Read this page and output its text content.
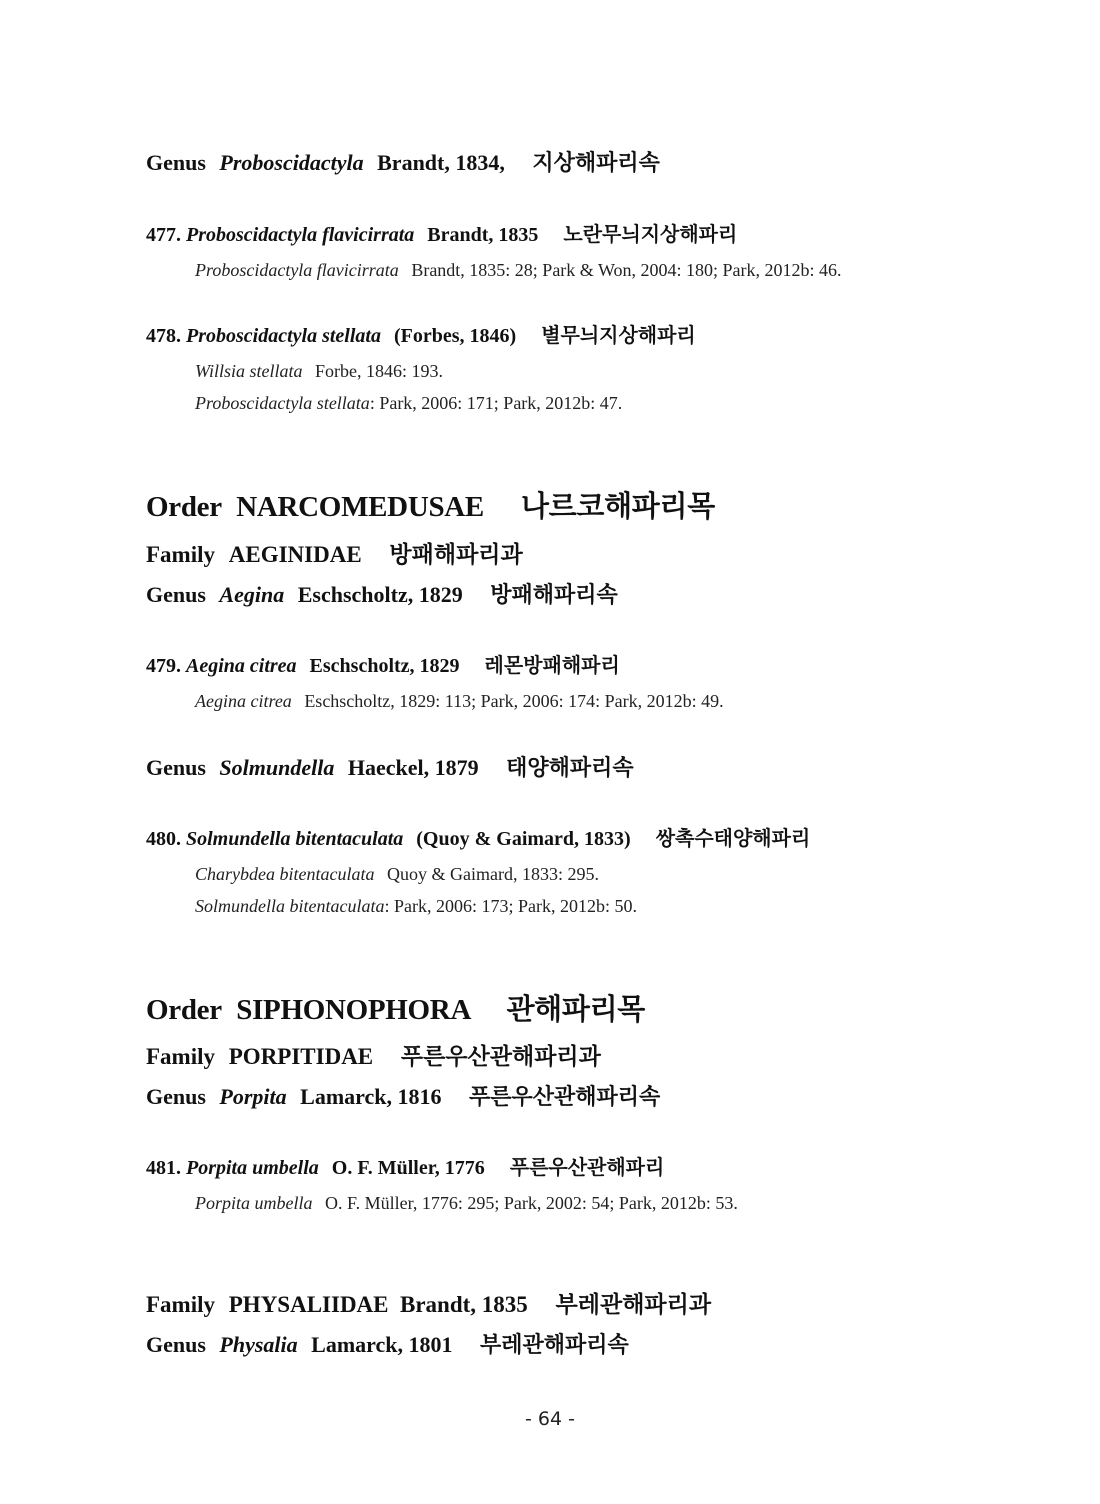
Genus Proboscidactyla Brandt, 1834, 지상해파리속
477. Proboscidactyla flavicirrata Brandt, 1835 노란무늬지상해파리
Proboscidactyla flavicirrata Brandt, 1835: 28; Park & Won, 2004: 180; Park, 2012b: 46.
478. Proboscidactyla stellata (Forbes, 1846) 별무늬지상해파리
Willsia stellata Forbe, 1846: 193.
Proboscidactyla stellata: Park, 2006: 171; Park, 2012b: 47.
Order NARCOMEDUSAE 나르코해파리목
Family AEGINIDAE 방패해파리과
Genus Aegina Eschscholtz, 1829 방패해파리속
479. Aegina citrea Eschscholtz, 1829 레몬방패해파리
Aegina citrea Eschscholtz, 1829: 113; Park, 2006: 174: Park, 2012b: 49.
Genus Solmundella Haeckel, 1879 태양해파리속
480. Solmundella bitentaculata (Quoy & Gaimard, 1833) 쌍촉수태양해파리
Charybdea bitentaculata Quoy & Gaimard, 1833: 295.
Solmundella bitentaculata: Park, 2006: 173; Park, 2012b: 50.
Order SIPHONOPHORA 관해파리목
Family PORPITIDAE 푸른우산관해파리과
Genus Porpita Lamarck, 1816 푸른우산관해파리속
481. Porpita umbella O. F. Müller, 1776 푸른우산관해파리
Porpita umbella O. F. Müller, 1776: 295; Park, 2002: 54; Park, 2012b: 53.
Family PHYSALIIDAE  Brandt, 1835 부레관해파리과
Genus Physalia Lamarck, 1801 부레관해파리속
- 64 -
